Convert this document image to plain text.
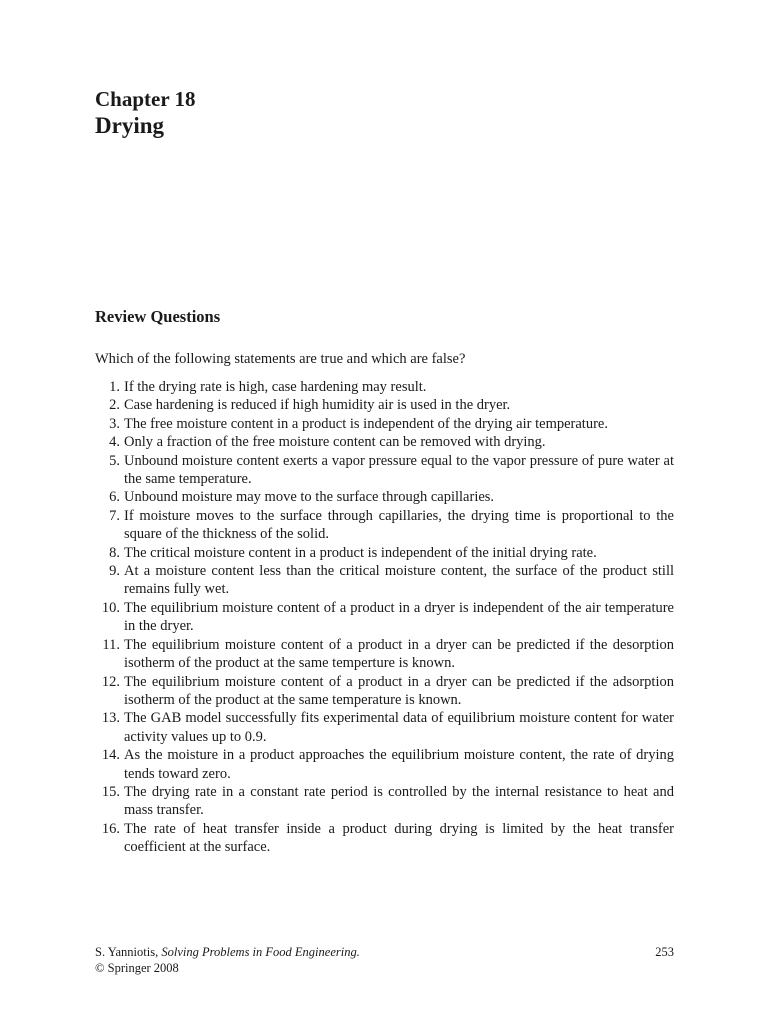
Chapter 18
Drying
Review Questions

Which of the following statements are true and which are false?

1. If the drying rate is high, case hardening may result.
2. Case hardening is reduced if high humidity air is used in the dryer.
3. The free moisture content in a product is independent of the drying air temperature.
4. Only a fraction of the free moisture content can be removed with drying.
5. Unbound moisture content exerts a vapor pressure equal to the vapor pressure of pure water at the same temperature.
6. Unbound moisture may move to the surface through capillaries.
7. If moisture moves to the surface through capillaries, the drying time is proportional to the square of the thickness of the solid.
8. The critical moisture content in a product is independent of the initial drying rate.
9. At a moisture content less than the critical moisture content, the surface of the product still remains fully wet.
10. The equilibrium moisture content of a product in a dryer is independent of the air temperature in the dryer.
11. The equilibrium moisture content of a product in a dryer can be predicted if the desorption isotherm of the product at the same temperture is known.
12. The equilibrium moisture content of a product in a dryer can be predicted if the adsorption isotherm of the product at the same temperature is known.
13. The GAB model successfully fits experimental data of equilibrium moisture content for water activity values up to 0.9.
14. As the moisture in a product approaches the equilibrium moisture content, the rate of drying tends toward zero.
15. The drying rate in a constant rate period is controlled by the internal resistance to heat and mass transfer.
16. The rate of heat transfer inside a product during drying is limited by the heat transfer coefficient at the surface.
S. Yanniotis, Solving Problems in Food Engineering.	253
© Springer 2008
